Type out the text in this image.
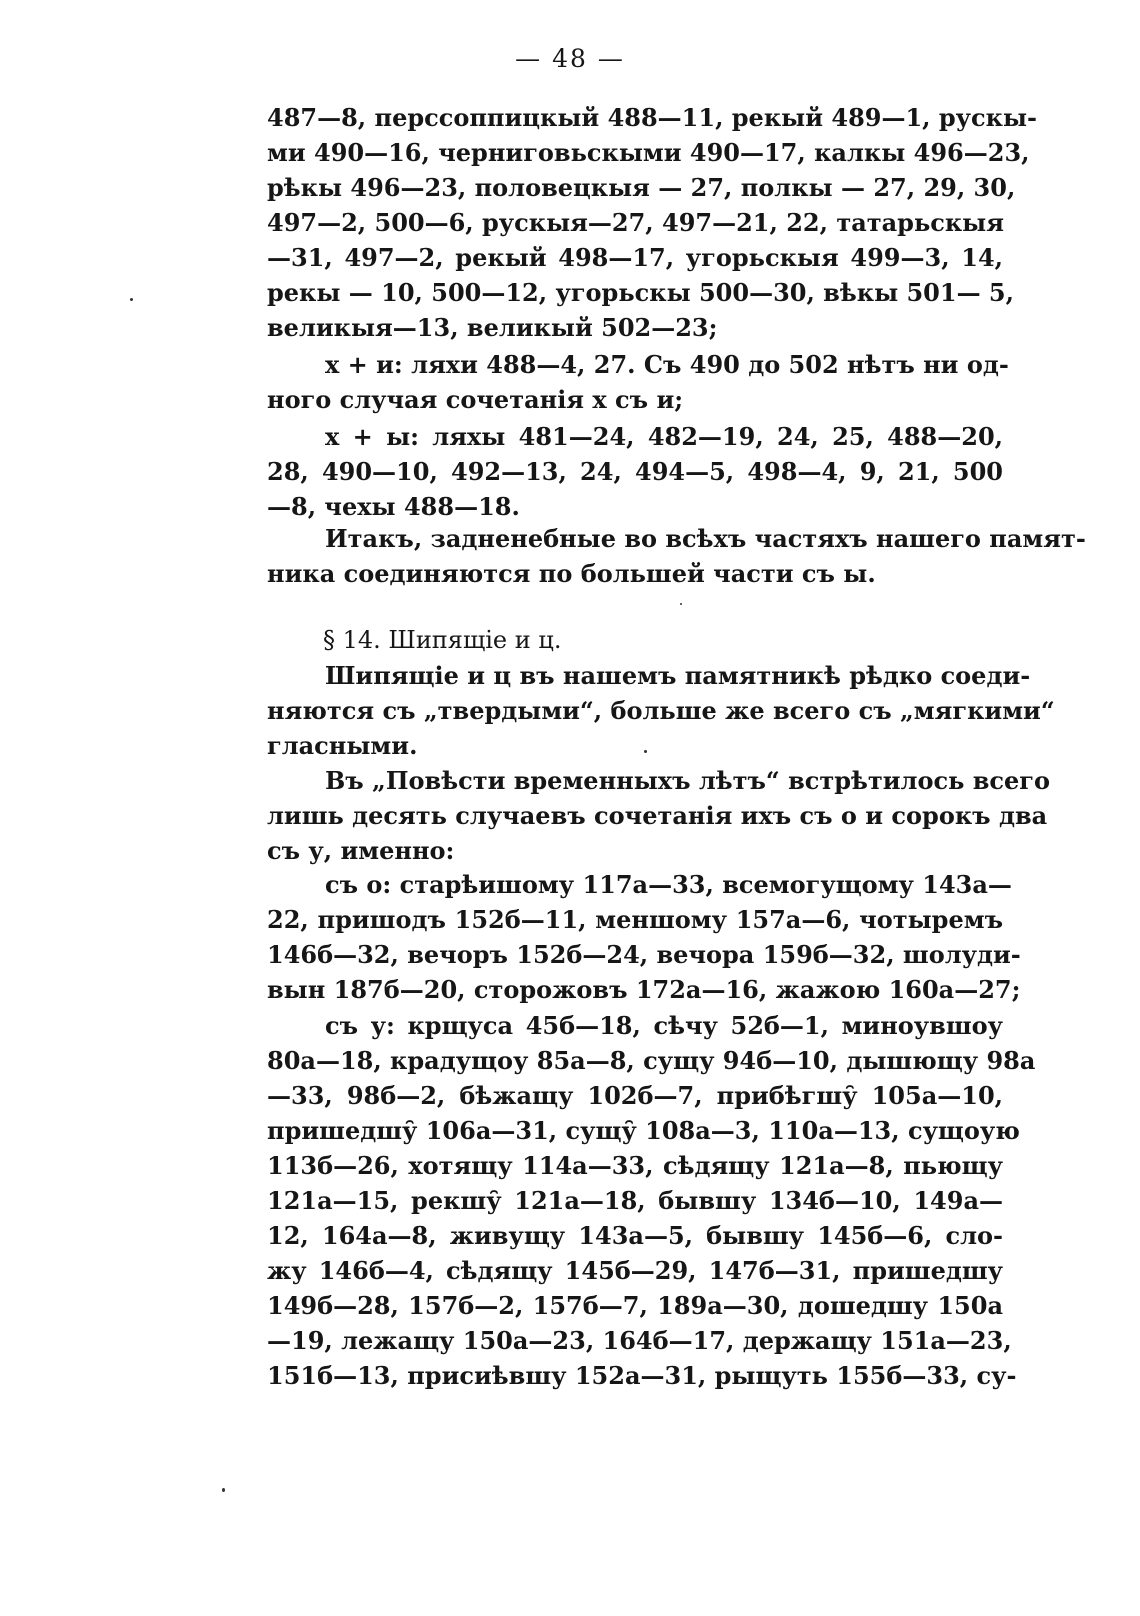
— 48 —
487—8, перссоппицкый 488—11, рекый 489—1, рускы-
ми 490—16, черниговьскыми 490—17, калкы 496—23,
рѣкы 496—23, половецкыя — 27, полкы — 27, 29, 30,
497—2, 500—6, рускыя—27, 497—21, 22, татарьскыя
—31, 497—2, рекый 498—17, угорьскыя 499—3, 14,
рекы — 10, 500—12, угорьскы 500—30, вѣкы 501— 5,
великыя—13, великый 502—23;
х + и: ляхи 488—4, 27. Съ 490 до 502 нѣтъ ни од-
ного случая сочетанія х съ и;
х + ы: ляхы 481—24, 482—19, 24, 25, 488—20,
28, 490—10, 492—13, 24, 494—5, 498—4, 9, 21, 500
—8, чехы 488—18.
Итакъ, задненебные во всѣхъ частяхъ нашего памят-
ника соединяются по большей части съ ы.
§ 14. Шипящіе и ц.
Шипящіе и ц въ нашемъ памятникѣ рѣдко соеди-
няются съ „твердыми“, больше же всего съ „мягкими“
гласными.
Въ „Повѣсти временныхъ лѣтъ“ встрѣтилось всего
лишь десять случаевъ сочетанія ихъ съ о и сорокъ два
съ у, именно:
съ о: старѣишому 117а—33, всемогущому 143а—
22, пришодъ 152б—11, меншому 157а—6, чотыремъ
146б—32, вечоръ 152б—24, вечора 159б—32, шолуди-
вын 187б—20, сторожовъ 172а—16, жажою 160а—27;
съ у: крщуса 45б—18, сѣчу 52б—1, миноувшоу
80а—18, крадущоу 85а—8, сущу 94б—10, дышющу 98а
—33, 98б—2, бѣжащу 102б—7, прибѣгшу̑ 105а—10,
пришедшу̑ 106а—31, сущу̑ 108а—3, 110а—13, сущоую
113б—26, хотящу 114а—33, сѣдящу 121а—8, пьющу
121а—15, рекшу̑ 121а—18, бывшу 134б—10, 149а—
12, 164а—8, живущу 143а—5, бывшу 145б—6, сло-
жу 146б—4, сѣдящу 145б—29, 147б—31, пришедшу
149б—28, 157б—2, 157б—7, 189а—30, дошедшу 150а
—19, лежащу 150а—23, 164б—17, держащу 151а—23,
151б—13, присиѣвшу 152а—31, рыщуть 155б—33, су-
